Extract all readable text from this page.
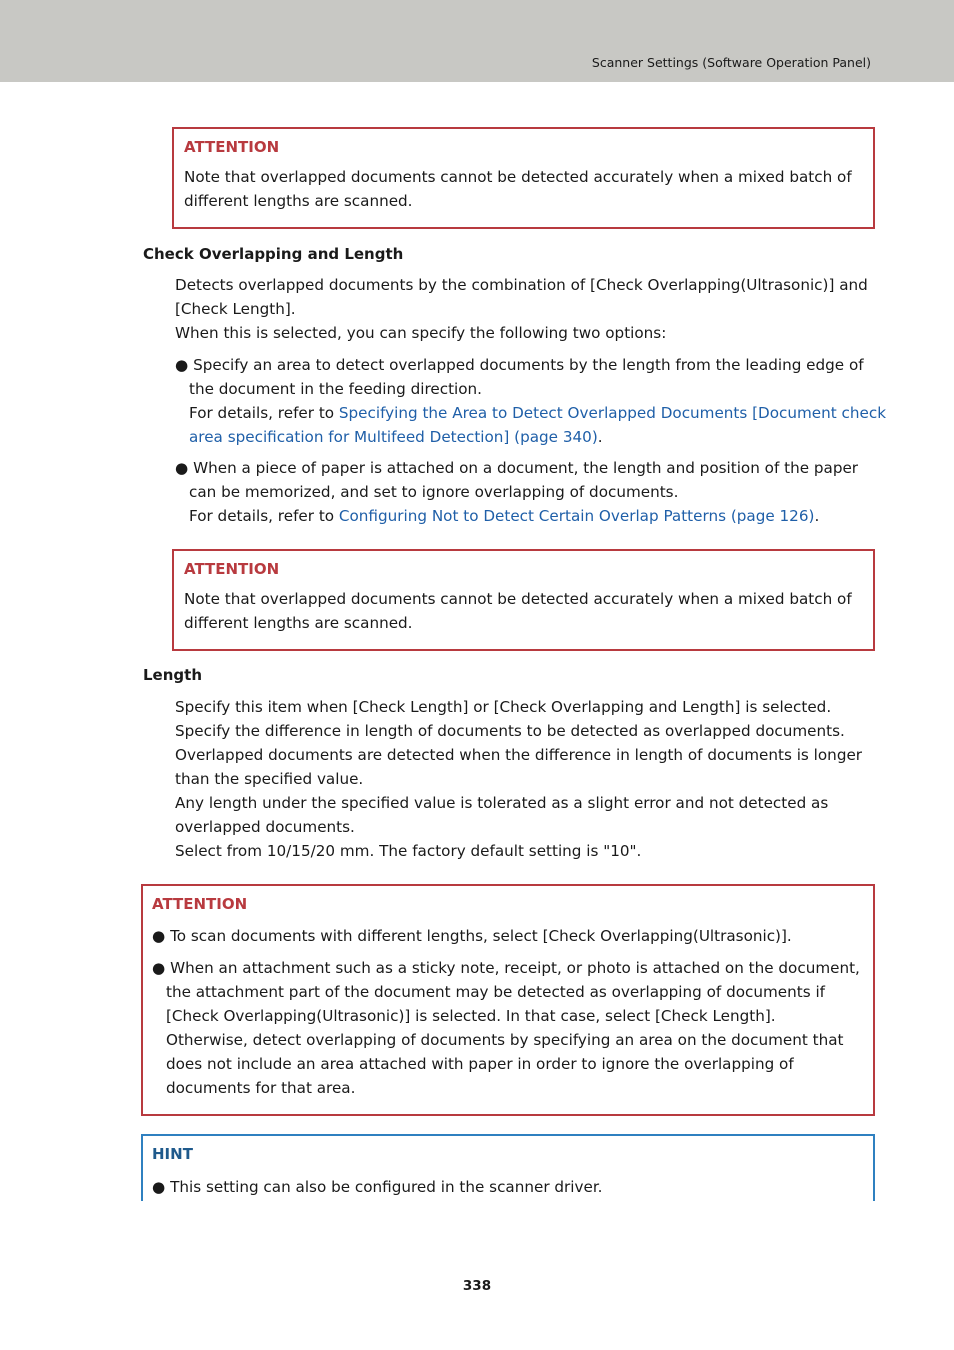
Scanner Settings (Software Operation Panel)
ATTENTION
Note that overlapped documents cannot be detected accurately when a mixed batch of
different lengths are scanned.
Check Overlapping and Length
Detects overlapped documents by the combination of [Check Overlapping(Ultrasonic)] and
[Check Length].
When this is selected, you can specify the following two options:
● Specify an area to detect overlapped documents by the length from the leading edge of
the document in the feeding direction.
For details, refer to Specifying the Area to Detect Overlapped Documents [Document check
area specification for Multifeed Detection] (page 340).
● When a piece of paper is attached on a document, the length and position of the paper
can be memorized, and set to ignore overlapping of documents.
For details, refer to Configuring Not to Detect Certain Overlap Patterns (page 126).
ATTENTION
Note that overlapped documents cannot be detected accurately when a mixed batch of
different lengths are scanned.
Length
Specify this item when [Check Length] or [Check Overlapping and Length] is selected.
Specify the difference in length of documents to be detected as overlapped documents.
Overlapped documents are detected when the difference in length of documents is longer
than the specified value.
Any length under the specified value is tolerated as a slight error and not detected as
overlapped documents.
Select from 10/15/20 mm. The factory default setting is "10".
ATTENTION
● To scan documents with different lengths, select [Check Overlapping(Ultrasonic)].
● When an attachment such as a sticky note, receipt, or photo is attached on the document,
the attachment part of the document may be detected as overlapping of documents if
[Check Overlapping(Ultrasonic)] is selected. In that case, select [Check Length].
Otherwise, detect overlapping of documents by specifying an area on the document that
does not include an area attached with paper in order to ignore the overlapping of
documents for that area.
HINT
● This setting can also be configured in the scanner driver.
338
